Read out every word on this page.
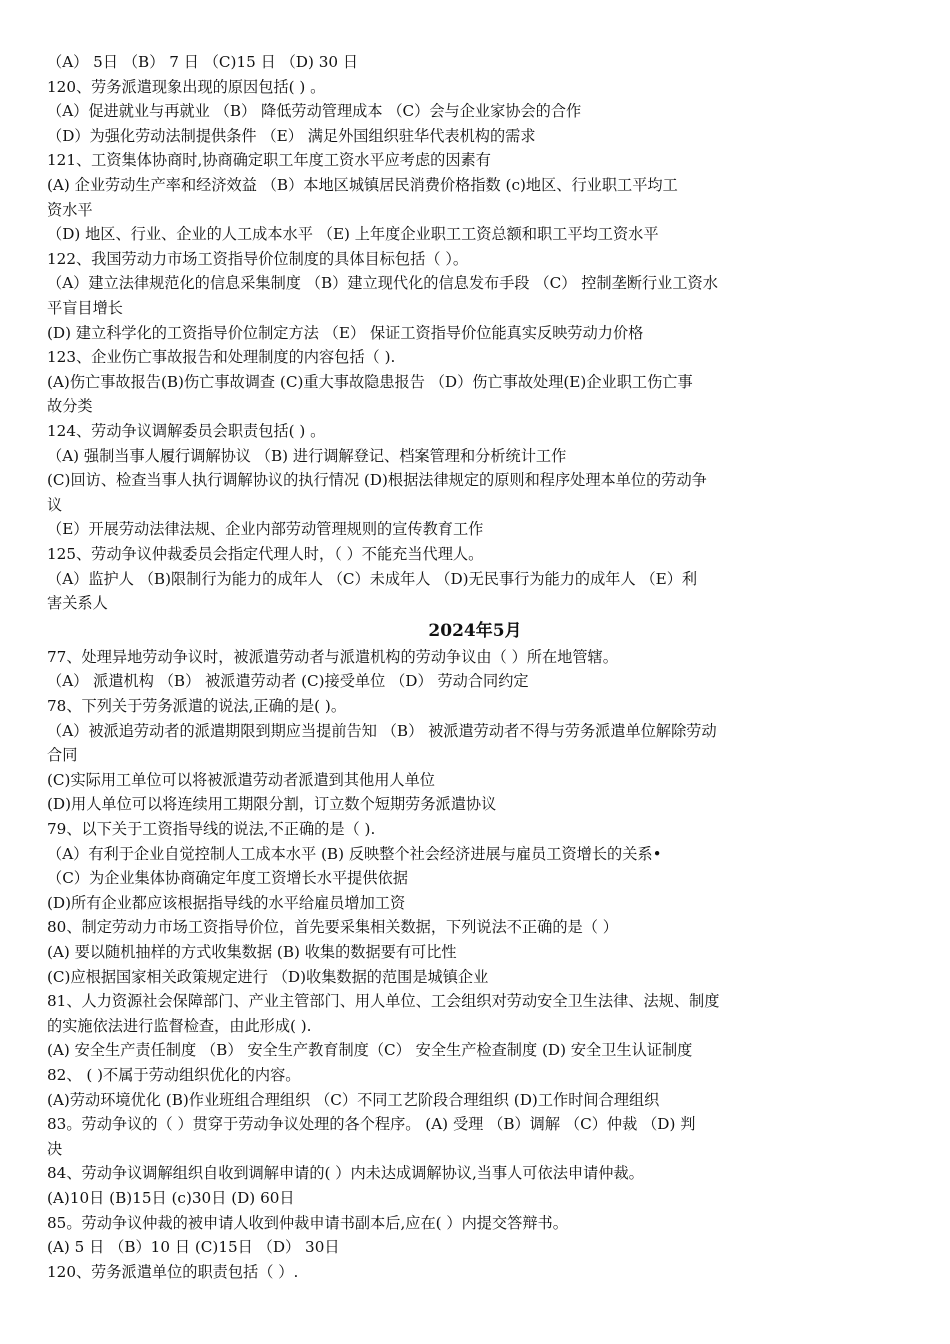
（A） 5日 （B） 7 日 （C)15 日 （D) 30 日
120、劳务派遣现象出现的原因包括( ) 。
（A）促进就业与再就业 （B） 降低劳动管理成本 （C）会与企业家协会的合作
（D）为强化劳动法制提供条件 （E） 满足外国组织驻华代表机构的需求
121、工资集体协商时,协商确定职工年度工资水平应考虑的因素有
(A) 企业劳动生产率和经济效益 （B）本地区城镇居民消费价格指数 (c)地区、行业职工平均工
资水平
（D) 地区、行业、企业的人工成本水平 （E) 上年度企业职工工资总额和职工平均工资水平
122、我国劳动力市场工资指导价位制度的具体目标包括（ ）。
（A）建立法律规范化的信息采集制度 （B）建立现代化的信息发布手段 （C） 控制垄断行业工资水
平盲目增长
(D) 建立科学化的工资指导价位制定方法 （E） 保证工资指导价位能真实反映劳动力价格
123、企业伤亡事故报告和处理制度的内容包括（ ).
(A)伤亡事故报告(B)伤亡事故调查 (C)重大事故隐患报告 （D）伤亡事故处理(E)企业职工伤亡事
故分类
124、劳动争议调解委员会职责包括( ) 。
（A) 强制当事人履行调解协议 （B) 进行调解登记、档案管理和分析统计工作
(C)回访、检查当事人执行调解协议的执行情况 (D)根据法律规定的原则和程序处理本单位的劳动争
议
（E）开展劳动法律法规、企业内部劳动管理规则的宣传教育工作
125、劳动争议仲裁委员会指定代理人时，（ ）不能充当代理人。
（A）监护人 （B)限制行为能力的成年人 （C）未成年人 （D)无民事行为能力的成年人 （E）利
害关系人
2024年5月
77、处理异地劳动争议时，被派遣劳动者与派遣机构的劳动争议由（ ）所在地管辖。
（A） 派遣机构 （B） 被派遣劳动者 (C)接受单位 （D） 劳动合同约定
78、下列关于劳务派遣的说法,正确的是( )。
（A）被派追劳动者的派遣期限到期应当提前告知 （B） 被派遣劳动者不得与劳务派遣单位解除劳动
合同
(C)实际用工单位可以将被派遣劳动者派遣到其他用人单位
(D)用人单位可以将连续用工期限分割，订立数个短期劳务派遣协议
79、以下关于工资指导线的说法,不正确的是（ ).
（A）有利于企业自觉控制人工成本水平 (B) 反映整个社会经济进展与雇员工资增长的关系•
（C）为企业集体协商确定年度工资增长水平提供依据
(D)所有企业都应该根据指导线的水平给雇员增加工资
80、制定劳动力市场工资指导价位，首先要采集相关数据，下列说法不正确的是（ ）
(A) 要以随机抽样的方式收集数据 (B) 收集的数据要有可比性
(C)应根据国家相关政策规定进行 （D)收集数据的范围是城镇企业
81、人力资源社会保障部门、产业主管部门、用人单位、工会组织对劳动安全卫生法律、法规、制度
的实施依法进行监督检查，由此形成( ).
(A) 安全生产责任制度 （B） 安全生产教育制度（C） 安全生产检查制度 (D) 安全卫生认证制度
82、 ( )不属于劳动组织优化的内容。
(A)劳动环境优化 (B)作业班组合理组织 （C）不同工艺阶段合理组织 (D)工作时间合理组织
83。劳动争议的（ ）贯穿于劳动争议处理的各个程序。 (A) 受理 （B）调解 （C）仲裁 （D) 判
决
84、劳动争议调解组织自收到调解申请的( ）内未达成调解协议,当事人可依法申请仲裁。
(A)10日 (B)15日 (c)30日 (D) 60日
85。劳动争议仲裁的被申请人收到仲裁申请书副本后,应在( ）内提交答辩书。
(A) 5 日 （B）10 日 (C)15日 （D） 30日
120、劳务派遣单位的职责包括（ ）.
